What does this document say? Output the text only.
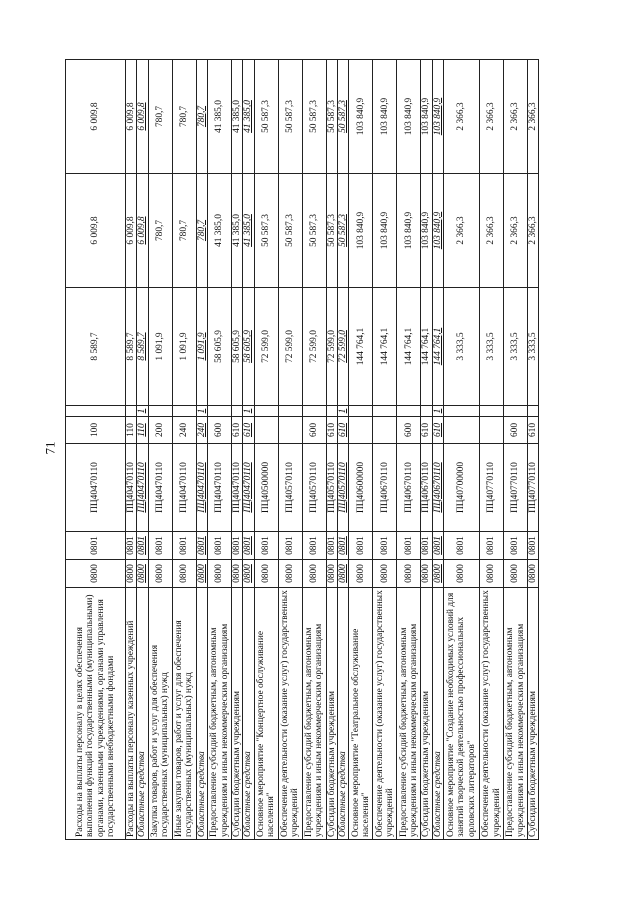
71
Расходы на выплаты персоналу в целях обеспечения выполнения функций государственными (муниципальными) органами, казенными учреждениями, органами управления государственными внебюджетными фондами	0800	0801	ПЦ40470110	100		8 589,7	6 009,8	6 009,8
Расходы на выплаты персоналу казенных учреждений	0800	0801	ПЦ40470110	110		8 589,7	6 009,8	6 009,8
Областные средства	0800	0801	ПЦ40470110	110	1	8 589,7	6 009,8	6 009,8
Закупка товаров, работ и услуг для обеспечения государственных (муниципальных) нужд	0800	0801	ПЦ40470110	200		1 091,9	780,7	780,7
Иные закупки товаров, работ и услуг для обеспечения государственных (муниципальных) нужд	0800	0801	ПЦ40470110	240		1 091,9	780,7	780,7
Областные средства	0800	0801	ПЦ40470110	240	1	1 091,9	780,7	780,7
Предоставление субсидий бюджетным, автономным учреждениям и иным некоммерческим организациям	0800	0801	ПЦ40470110	600		58 605,9	41 385,0	41 385,0
Субсидии бюджетным учреждениям	0800	0801	ПЦ40470110	610		58 605,9	41 385,0	41 385,0
Областные средства	0800	0801	ПЦ40470110	610	1	58 605,9	41 385,0	41 385,0
Основное мероприятие "Концертное обслуживание населения"	0800	0801	ПЦ40500000			72 599,0	50 587,3	50 587,3
Обеспечение деятельности (оказание услуг) государственных учреждений	0800	0801	ПЦ40570110			72 599,0	50 587,3	50 587,3
Предоставление субсидий бюджетным, автономным учреждениям и иным некоммерческим организациям	0800	0801	ПЦ40570110	600		72 599,0	50 587,3	50 587,3
Субсидии бюджетным учреждениям	0800	0801	ПЦ40570110	610		72 599,0	50 587,3	50 587,3
Областные средства	0800	0801	ПЦ40570110	610	1	72 599,0	50 587,3	50 587,3
Основное мероприятие "Театральное обслуживание населения"	0800	0801	ПЦ40600000			144 764,1	103 840,9	103 840,9
Обеспечение деятельности (оказание услуг) государственных учреждений	0800	0801	ПЦ40670110			144 764,1	103 840,9	103 840,9
Предоставление субсидий бюджетным, автономным учреждениям и иным некоммерческим организациям	0800	0801	ПЦ40670110	600		144 764,1	103 840,9	103 840,9
Субсидии бюджетным учреждениям	0800	0801	ПЦ40670110	610		144 764,1	103 840,9	103 840,9
Областные средства	0800	0801	ПЦ40670110	610	1	144 764,1	103 840,9	103 840,9
Основное мероприятие "Создание необходимых условий для занятий творческой деятельностью профессиональных орловских литераторов"	0800	0801	ПЦ40700000			3 333,5	2 366,3	2 366,3
Обеспечение деятельности (оказание услуг) государственных учреждений	0800	0801	ПЦ40770110			3 333,5	2 366,3	2 366,3
Предоставление субсидий бюджетным, автономным учреждениям и иным некоммерческим организациям	0800	0801	ПЦ40770110	600		3 333,5	2 366,3	2 366,3
Субсидии бюджетным учреждениям	0800	0801	ПЦ40770110	610		3 333,5	2 366,3	2 366,3
